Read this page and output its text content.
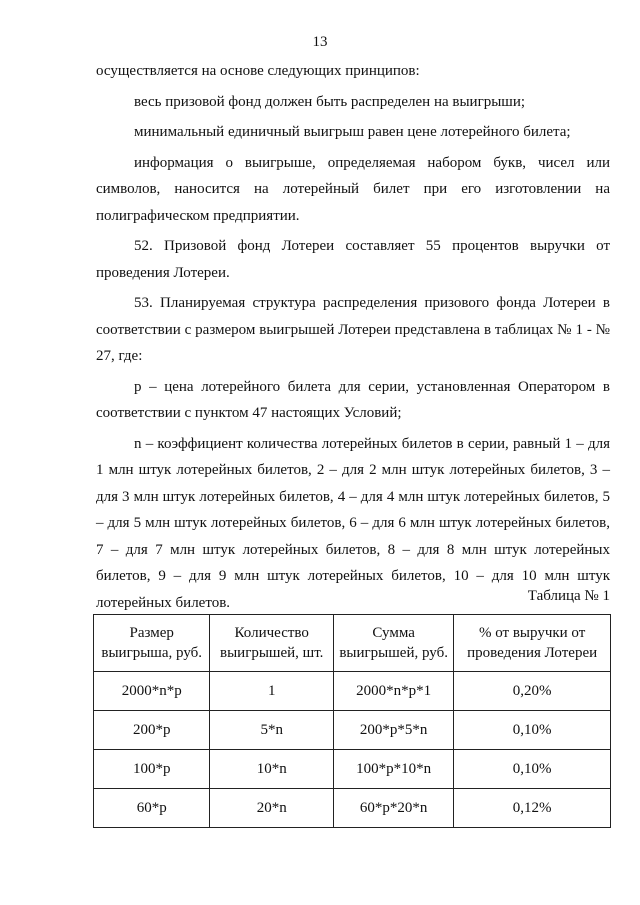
13

осуществляется на основе следующих принципов:

весь призовой фонд должен быть распределен на выигрыши;

минимальный единичный выигрыш равен цене лотерейного билета;

информация о выигрыше, определяемая набором букв, чисел или символов, наносится на лотерейный билет при его изготовлении на полиграфическом предприятии.

52. Призовой фонд Лотереи составляет 55 процентов выручки от проведения Лотереи.

53. Планируемая структура распределения призового фонда Лотереи в соответствии с размером выигрышей Лотереи представлена в таблицах № 1 - № 27, где:

р – цена лотерейного билета для серии, установленная Оператором в соответствии с пунктом 47 настоящих Условий;

n – коэффициент количества лотерейных билетов в серии, равный 1 – для 1 млн штук лотерейных билетов, 2 – для 2 млн штук лотерейных билетов, 3 – для 3 млн штук лотерейных билетов, 4 – для 4 млн штук лотерейных билетов, 5 – для 5 млн штук лотерейных билетов, 6 – для 6 млн штук лотерейных билетов, 7 – для 7 млн штук лотерейных билетов, 8 – для 8 млн штук лотерейных билетов, 9 – для 9 млн штук лотерейных билетов, 10 – для 10 млн штук лотерейных билетов.	Таблица № 1
Размер выигрыша, руб.	Количество выигрышей, шт.	Сумма выигрышей, руб.	% от выручки от проведения Лотереи
2000*n*p	1	2000*n*p*1	0,20%
200*p	5*n	200*p*5*n	0,10%
100*p	10*n	100*p*10*n	0,10%
60*p	20*n	60*p*20*n	0,12%
